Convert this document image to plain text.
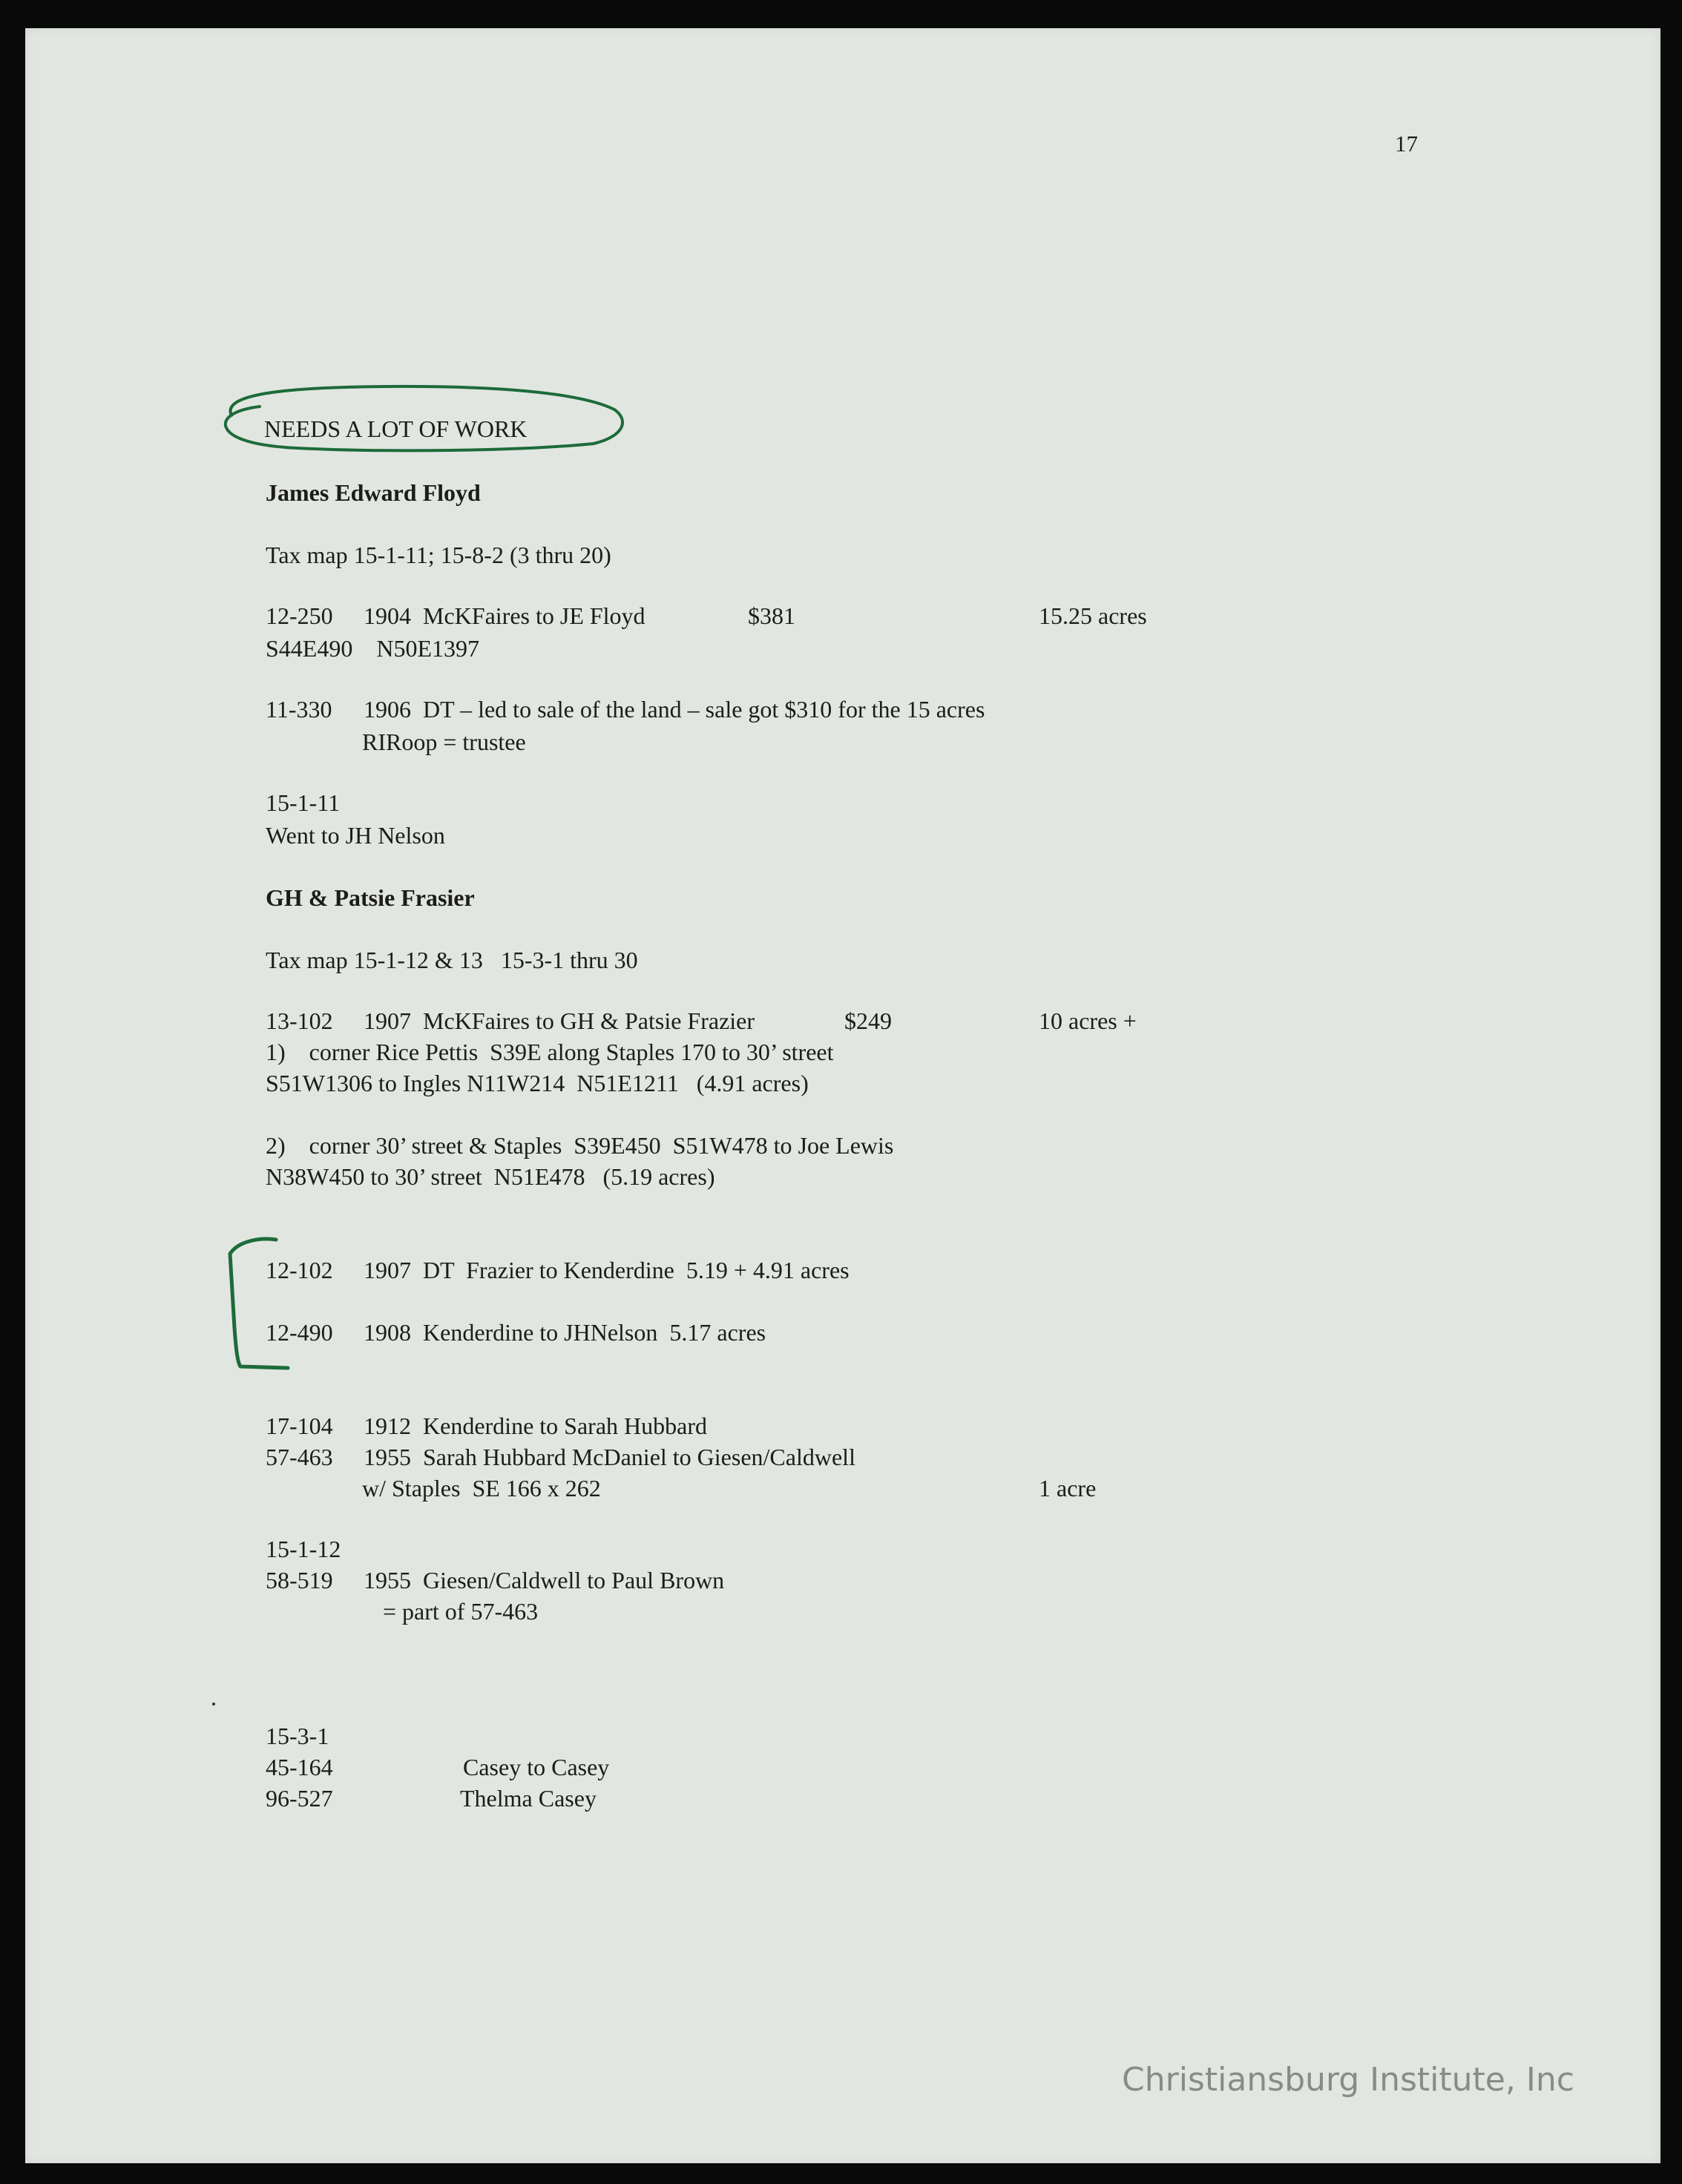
17
NEEDS A LOT OF WORK
James Edward Floyd
Tax map 15-1-11; 15-8-2 (3 thru 20)
12-250 1904  McKFaires to JE Floyd	$381	15.25 acres
S44E490    N50E1397
11-330 1906  DT – led to sale of the land – sale got $310 for the 15 acres
RIRoop = trustee
15-1-11
Went to JH Nelson
GH & Patsie Frasier
Tax map 15-1-12 & 13   15-3-1 thru 30
13-102 1907  McKFaires to GH & Patsie Frazier	$249	10 acres +
1)    corner Rice Pettis  S39E along Staples 170 to 30’ street
S51W1306 to Ingles N11W214  N51E1211   (4.91 acres)
2)    corner 30’ street & Staples  S39E450  S51W478 to Joe Lewis
N38W450 to 30’ street  N51E478   (5.19 acres)
12-102 1907  DT  Frazier to Kenderdine  5.19 + 4.91 acres
12-490 1908  Kenderdine to JHNelson  5.17 acres
17-104 1912  Kenderdine to Sarah Hubbard
57-463 1955  Sarah Hubbard McDaniel to Giesen/Caldwell
w/ Staples  SE 166 x 262	1 acre
15-1-12
58-519 1955  Giesen/Caldwell to Paul Brown
= part of 57-463
15-3-1
45-164	Casey to Casey
96-527	Thelma Casey
Christiansburg Institute, Inc
